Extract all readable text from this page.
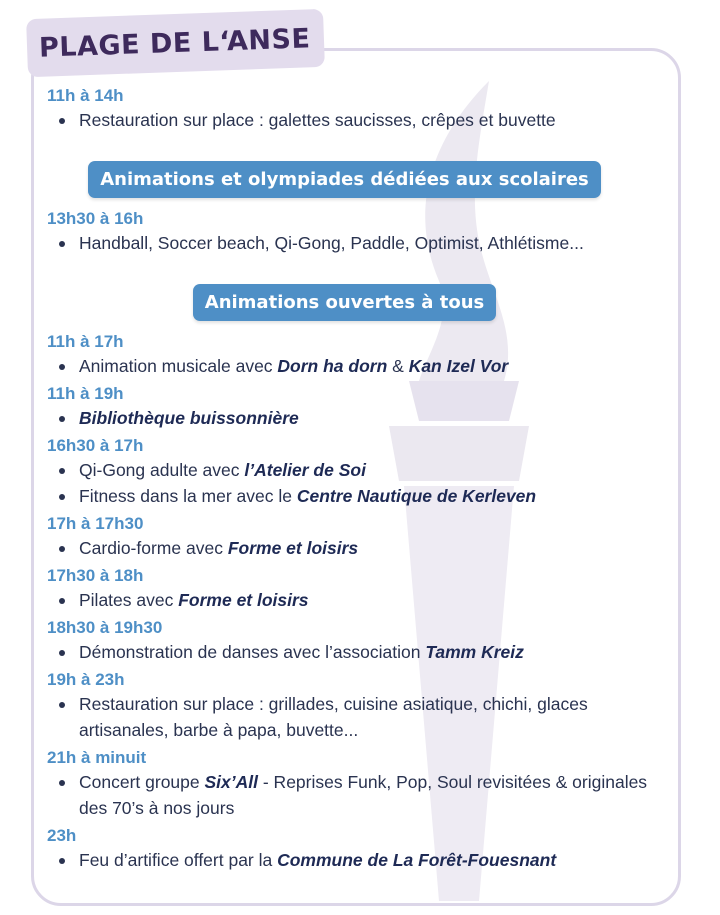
PLAGE DE L‘ANSE

11h à 14h

Restauration sur place : galettes saucisses, crêpes et buvette
Animations et olympiades dédiées aux scolaires

13h30 à 16h

Handball, Soccer beach, Qi-Gong, Paddle, Optimist, Athlétisme...
Animations ouvertes à tous

11h à 17h

Animation musicale avec Dorn ha dorn & Kan Izel Vor

11h à 19h

Bibliothèque buissonnière

16h30 à 17h

Qi-Gong adulte avec l’Atelier de Soi
Fitness dans la mer avec le Centre Nautique de Kerleven

17h à 17h30

Cardio-forme avec Forme et loisirs

17h30 à 18h

Pilates avec Forme et loisirs

18h30 à 19h30

Démonstration de danses avec l’association Tamm Kreiz

19h à 23h

Restauration sur place : grillades, cuisine asiatique, chichi, glaces artisanales, barbe à papa, buvette...

21h à minuit

Concert groupe Six’All - Reprises Funk, Pop, Soul revisitées & originales des 70’s à nos jours

23h

Feu d’artifice offert par la Commune de La Forêt-Fouesnant
